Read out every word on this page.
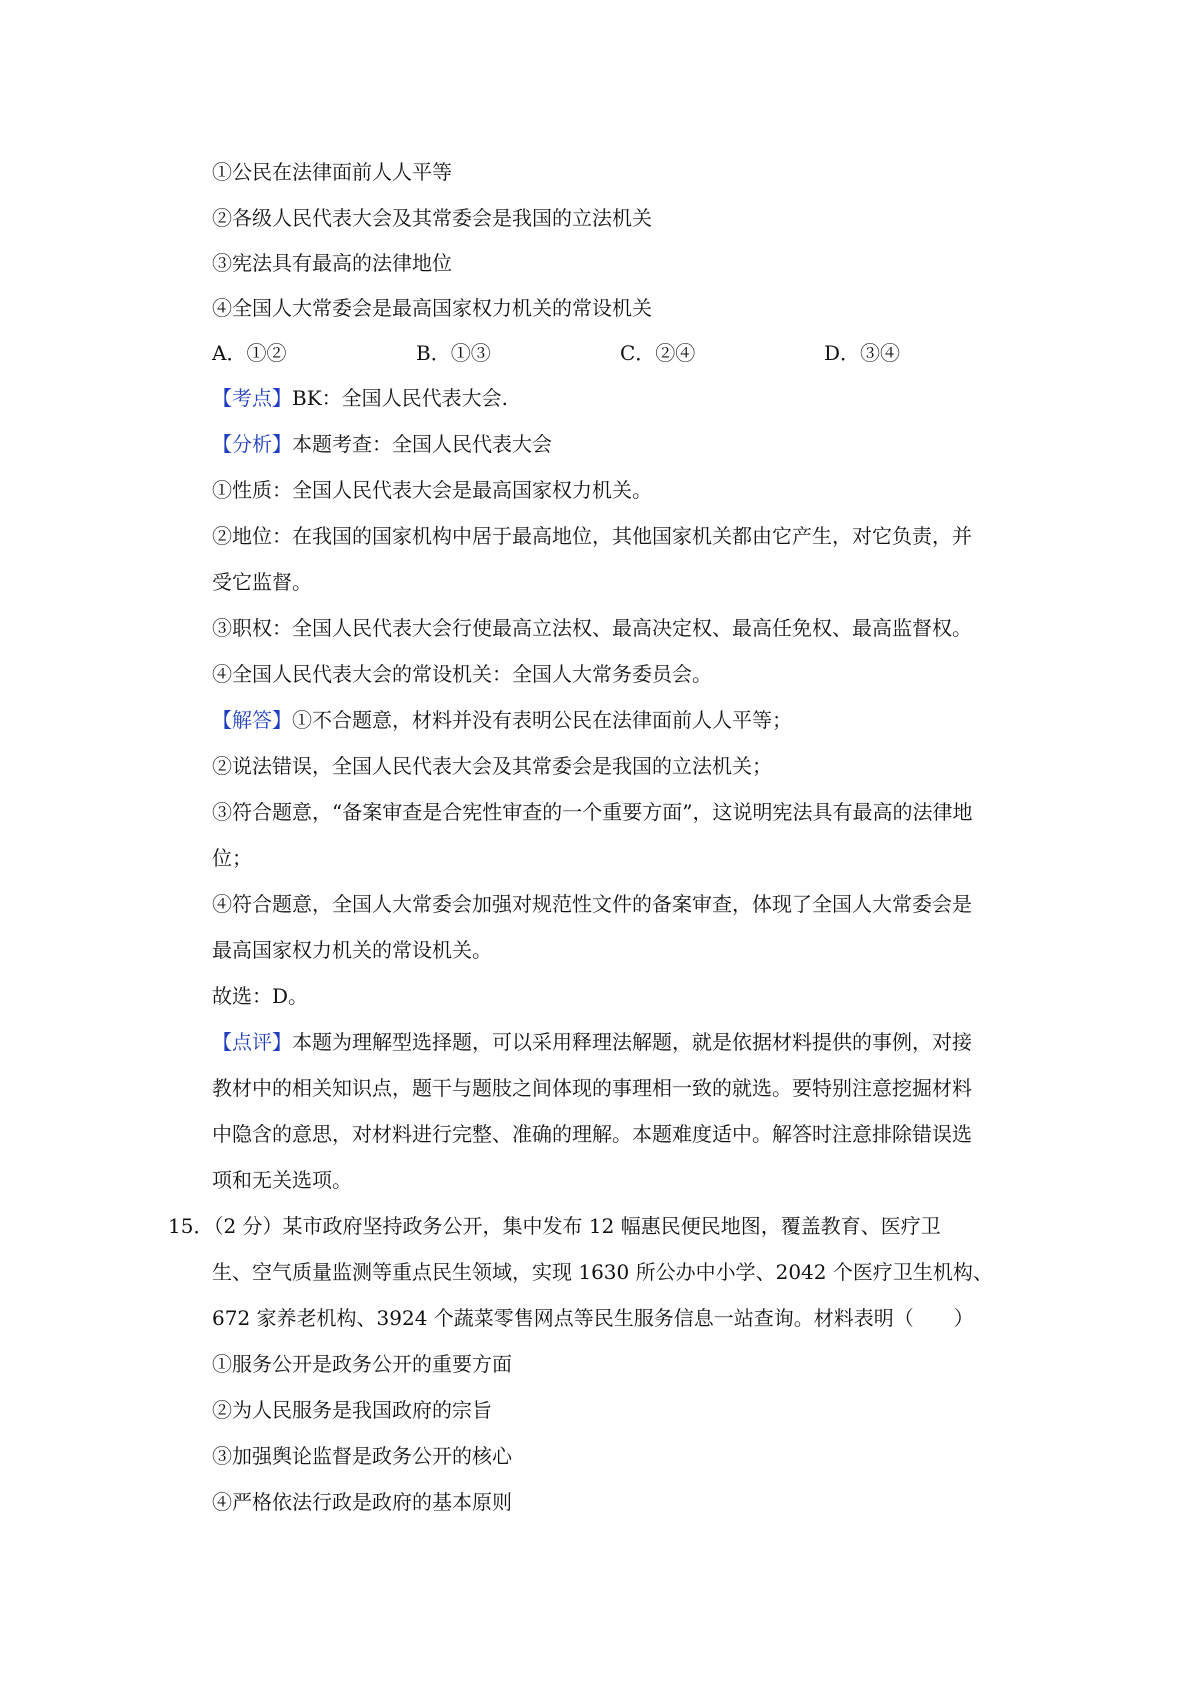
①公民在法律面前人人平等
②各级人民代表大会及其常委会是我国的立法机关
③宪法具有最高的法律地位
④全国人大常委会是最高国家权力机关的常设机关
A．①②	B．①③	C．②④	D．③④
【考点】BK：全国人民代表大会.
【分析】本题考查：全国人民代表大会
①性质：全国人民代表大会是最高国家权力机关。
②地位：在我国的国家机构中居于最高地位，其他国家机关都由它产生，对它负责，并
受它监督。
③职权：全国人民代表大会行使最高立法权、最高决定权、最高任免权、最高监督权。
④全国人民代表大会的常设机关：全国人大常务委员会。
【解答】①不合题意，材料并没有表明公民在法律面前人人平等；
②说法错误，全国人民代表大会及其常委会是我国的立法机关；
③符合题意，“备案审查是合宪性审查的一个重要方面”，这说明宪法具有最高的法律地
位；
④符合题意，全国人大常委会加强对规范性文件的备案审查，体现了全国人大常委会是
最高国家权力机关的常设机关。
故选：D。
【点评】本题为理解型选择题，可以采用释理法解题，就是依据材料提供的事例，对接
教材中的相关知识点，题干与题肢之间体现的事理相一致的就选。要特别注意挖掘材料
中隐含的意思，对材料进行完整、准确的理解。本题难度适中。解答时注意排除错误选
项和无关选项。
15．（2 分）某市政府坚持政务公开，集中发布 12 幅惠民便民地图，覆盖教育、医疗卫
生、空气质量监测等重点民生领域，实现 1630 所公办中小学、2042 个医疗卫生机构、
672 家养老机构、3924 个蔬菜零售网点等民生服务信息一站查询。材料表明（　　）
①服务公开是政务公开的重要方面
②为人民服务是我国政府的宗旨
③加强舆论监督是政务公开的核心
④严格依法行政是政府的基本原则
